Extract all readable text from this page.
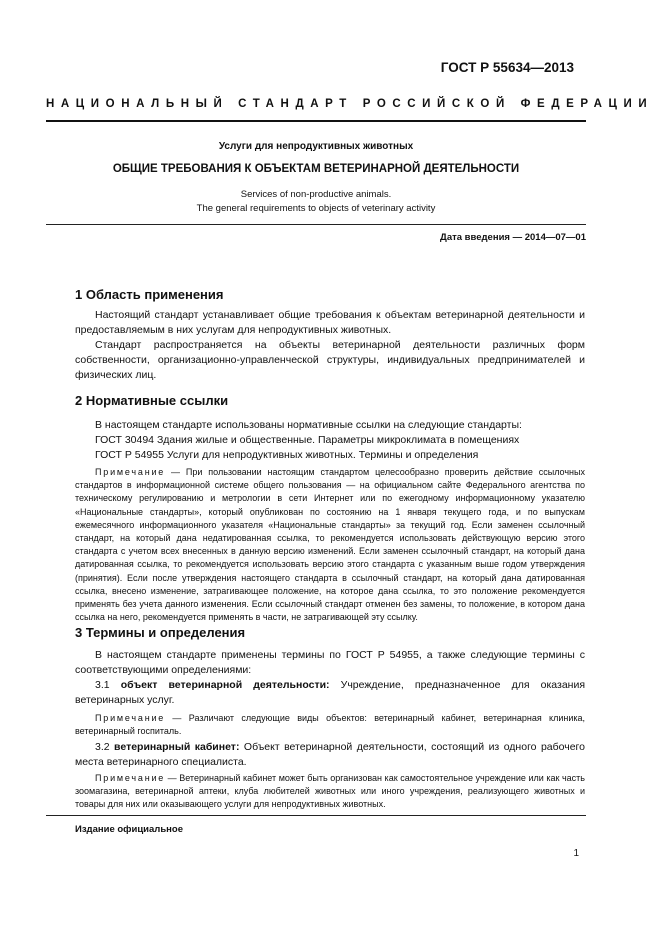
ГОСТ Р 55634—2013
НАЦИОНАЛЬНЫЙ СТАНДАРТ РОССИЙСКОЙ ФЕДЕРАЦИИ
Услуги для непродуктивных животных
ОБЩИЕ ТРЕБОВАНИЯ К ОБЪЕКТАМ ВЕТЕРИНАРНОЙ ДЕЯТЕЛЬНОСТИ
Services of non-productive animals.
The general requirements to objects of veterinary activity
Дата введения — 2014—07—01
1 Область применения

Настоящий стандарт устанавливает общие требования к объектам ветеринарной деятельности и предоставляемым в них услугам для непродуктивных животных.

Стандарт распространяется на объекты ветеринарной деятельности различных форм собственности, организационно-управленческой структуры, индивидуальных предпринимателей и физических лиц.

2 Нормативные ссылки
В настоящем стандарте использованы нормативные ссылки на следующие стандарты:
ГОСТ 30494 Здания жилые и общественные. Параметры микроклимата в помещениях
ГОСТ Р 54955 Услуги для непродуктивных животных. Термины и определения

Примечание — При пользовании настоящим стандартом целесообразно проверить действие ссылочных стандартов в информационной системе общего пользования — на официальном сайте Федерального агентства по техническому регулированию и метрологии в сети Интернет или по ежегодному информационному указателю «Национальные стандарты», который опубликован по состоянию на 1 января текущего года, и по выпускам ежемесячного информационного указателя «Национальные стандарты» за текущий год. Если заменен ссылочный стандарт, на который дана недатированная ссылка, то рекомендуется использовать действующую версию этого стандарта с учетом всех внесенных в данную версию изменений. Если заменен ссылочный стандарт, на который дана датированная ссылка, то рекомендуется использовать версию этого стандарта с указанным выше годом утверждения (принятия). Если после утверждения настоящего стандарта в ссылочный стандарт, на который дана датированная ссылка, внесено изменение, затрагивающее положение, на которое дана ссылка, то это положение рекомендуется применять без учета данного изменения. Если ссылочный стандарт отменен без замены, то положение, в котором дана ссылка на него, рекомендуется применять в части, не затрагивающей эту ссылку.

3 Термины и определения

В настоящем стандарте применены термины по ГОСТ Р 54955, а также следующие термины с соответствующими определениями:

3.1 объект ветеринарной деятельности: Учреждение, предназначенное для оказания ветеринарных услуг.

Примечание — Различают следующие виды объектов: ветеринарный кабинет, ветеринарная клиника, ветеринарный госпиталь.

3.2 ветеринарный кабинет: Объект ветеринарной деятельности, состоящий из одного рабочего места ветеринарного специалиста.

Примечание — Ветеринарный кабинет может быть организован как самостоятельное учреждение или как часть зоомагазина, ветеринарной аптеки, клуба любителей животных или иного учреждения, реализующего животных и товары для них или оказывающего услуги для непродуктивных животных.

Издание официальное
1
